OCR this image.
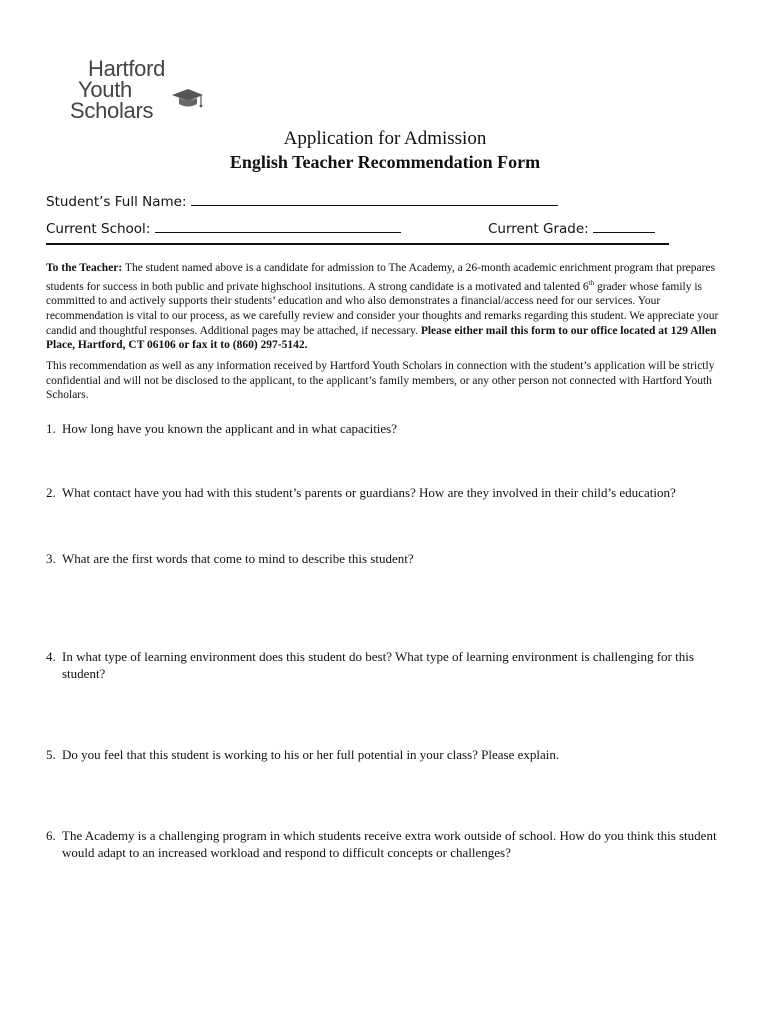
Hartford
Youth
Scholars
Application for Admission
English Teacher Recommendation Form
Student’s Full Name:
Current School:	Current Grade:
To the Teacher: The student named above is a candidate for admission to The Academy, a 26-month academic enrichment program that prepares students for success in both public and private highschool insitutions. A strong candidate is a motivated and talented 6th grader whose family is committed to and actively supports their students’ education and who also demonstrates a financial/access need for our services. Your recommendation is vital to our process, as we carefully review and consider your thoughts and remarks regarding this student. We appreciate your candid and thoughtful responses. Additional pages may be attached, if necessary. Please either mail this form to our office located at 129 Allen Place, Hartford, CT 06106 or fax it to (860) 297-5142.
This recommendation as well as any information received by Hartford Youth Scholars in connection with the student’s application will be strictly confidential and will not be disclosed to the applicant, to the applicant’s family members, or any other person not connected with Hartford Youth Scholars.
1. How long have you known the applicant and in what capacities?
2. What contact have you had with this student’s parents or guardians? How are they involved in their child’s education?
3. What are the first words that come to mind to describe this student?
4. In what type of learning environment does this student do best? What type of learning environment is challenging for this student?
5. Do you feel that this student is working to his or her full potential in your class? Please explain.
6. The Academy is a challenging program in which students receive extra work outside of school. How do you think this student would adapt to an increased workload and respond to difficult concepts or challenges?
